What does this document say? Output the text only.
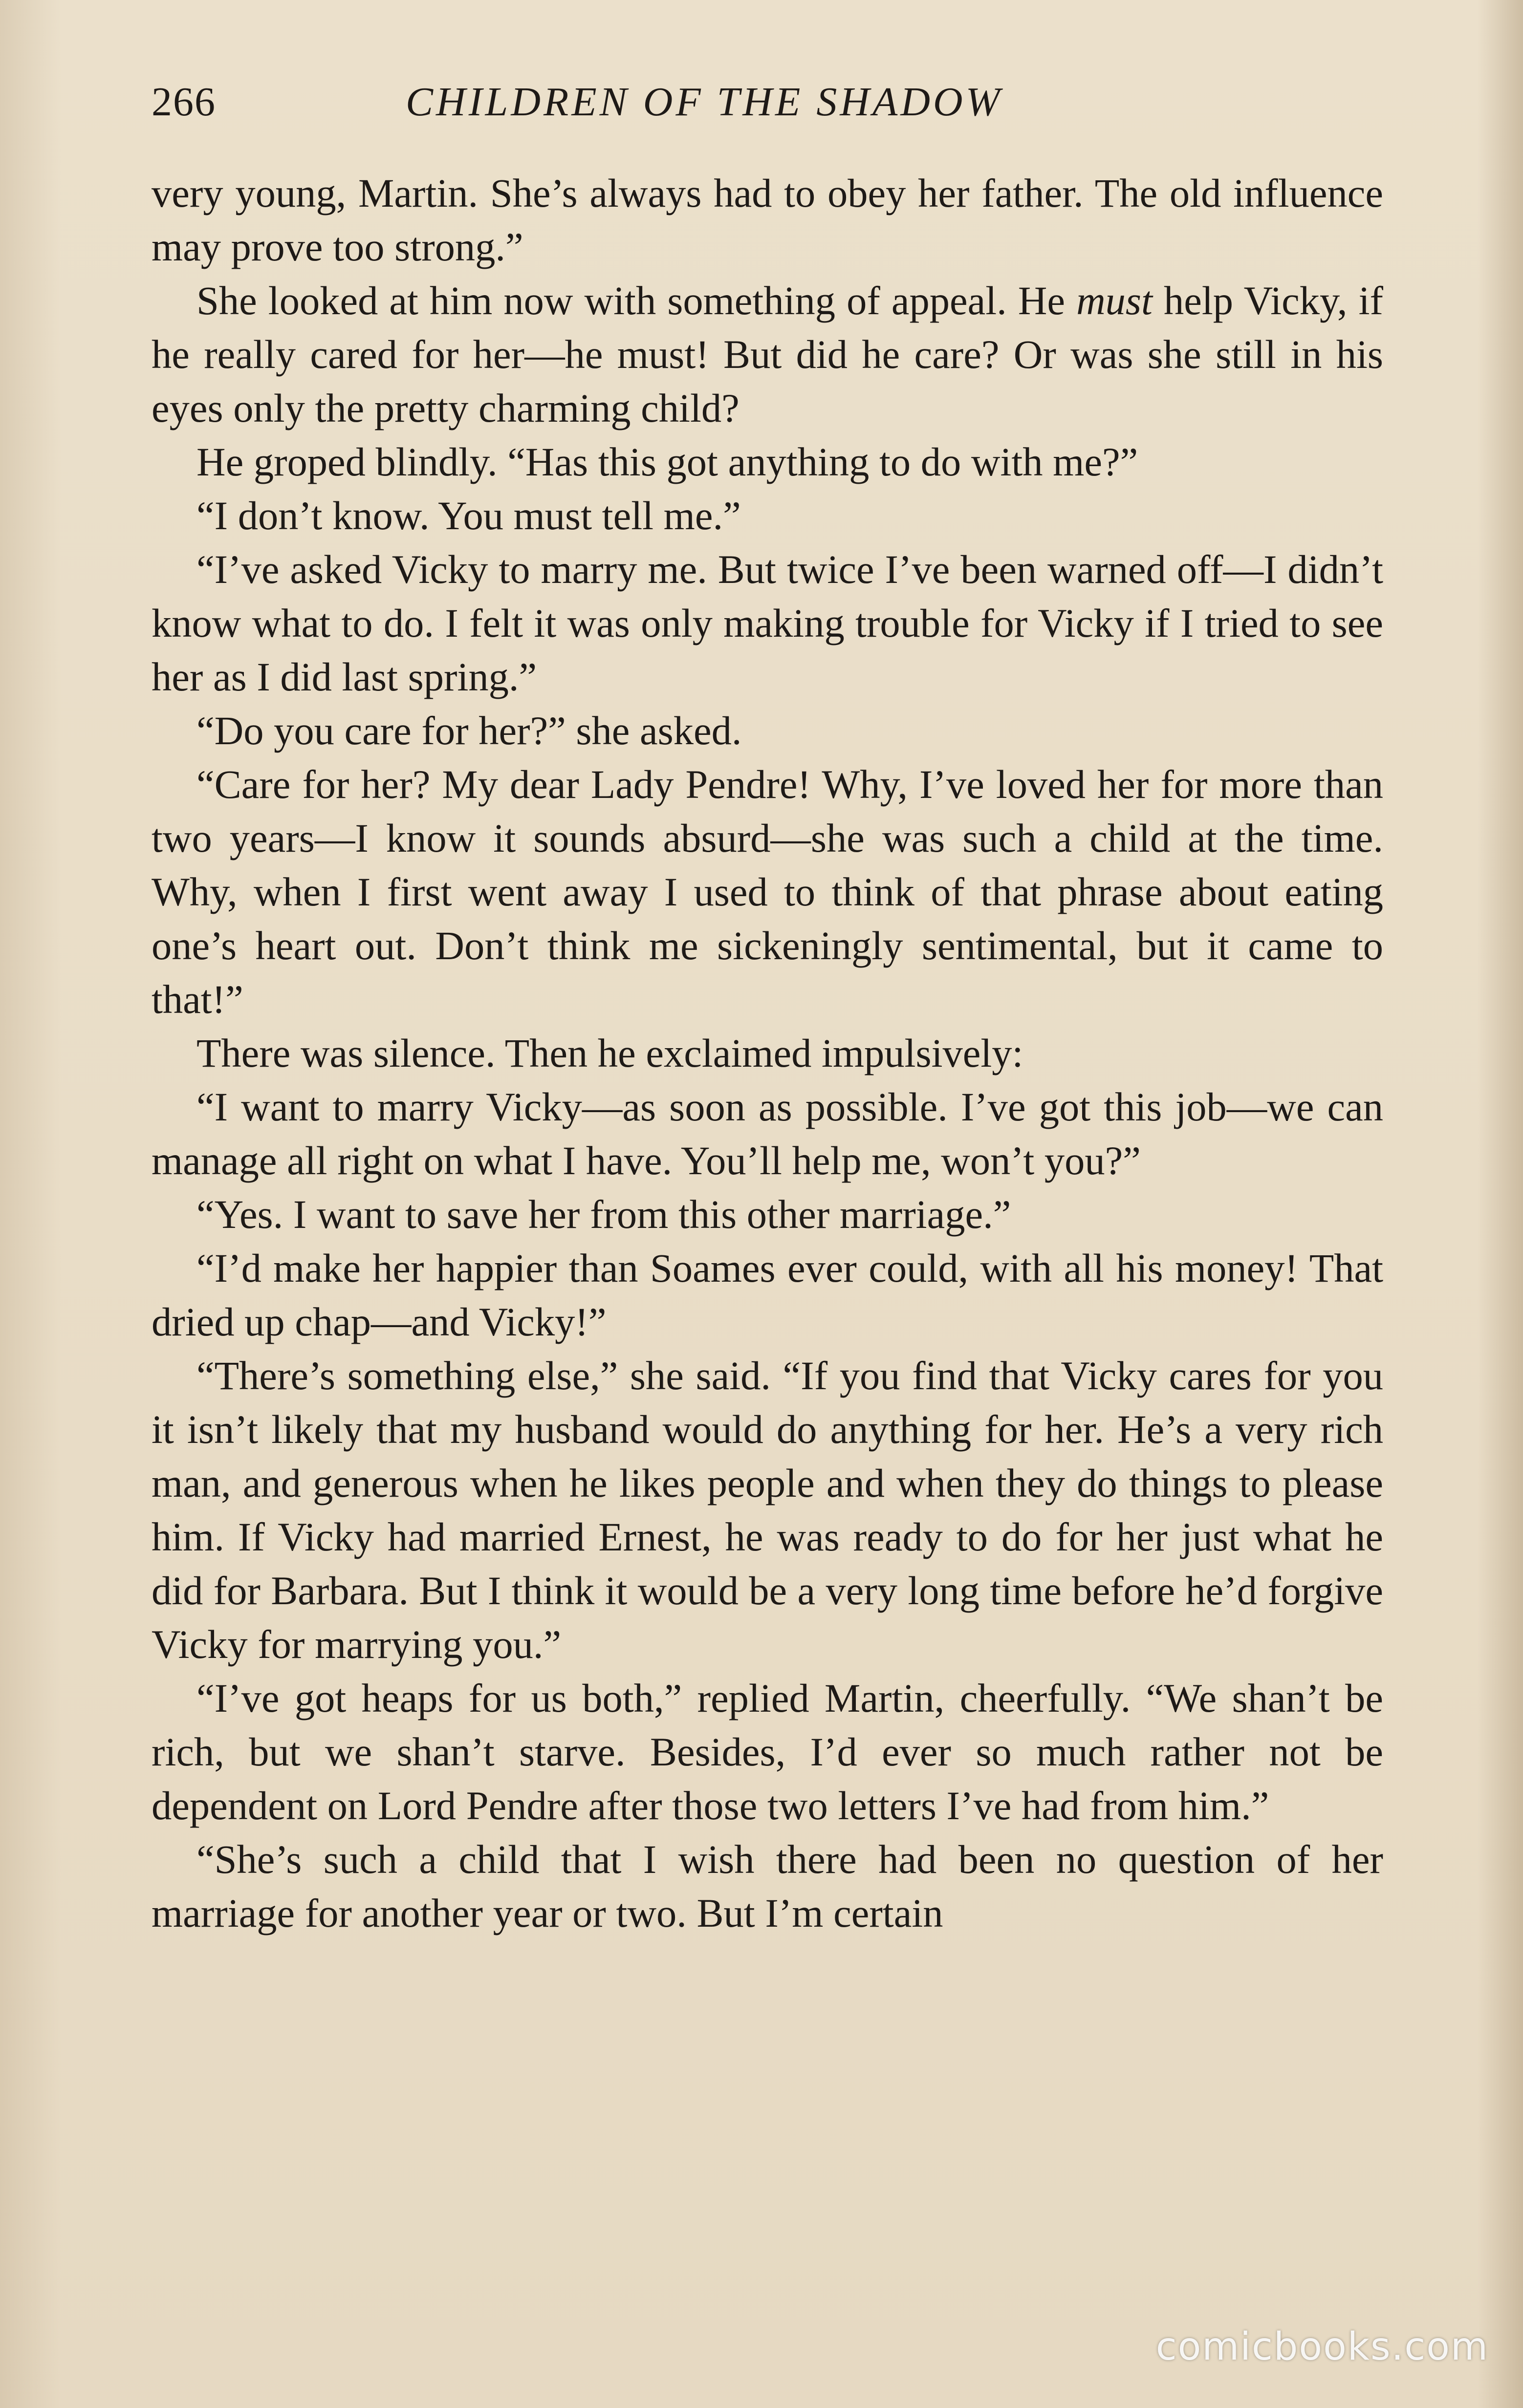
266	CHILDREN OF THE SHADOW

very young, Martin. She’s always had to obey her father. The old influence may prove too strong.”

She looked at him now with something of appeal. He must help Vicky, if he really cared for her—he must! But did he care? Or was she still in his eyes only the pretty charming child?

He groped blindly. “Has this got anything to do with me?”

“I don’t know. You must tell me.”

“I’ve asked Vicky to marry me. But twice I’ve been warned off—I didn’t know what to do. I felt it was only making trouble for Vicky if I tried to see her as I did last spring.”

“Do you care for her?” she asked.

“Care for her? My dear Lady Pendre! Why, I’ve loved her for more than two years—I know it sounds absurd—she was such a child at the time. Why, when I first went away I used to think of that phrase about eating one’s heart out. Don’t think me sickeningly sentimental, but it came to that!”

There was silence. Then he exclaimed impulsively:

“I want to marry Vicky—as soon as possible. I’ve got this job—we can manage all right on what I have. You’ll help me, won’t you?”

“Yes. I want to save her from this other marriage.”

“I’d make her happier than Soames ever could, with all his money! That dried up chap—and Vicky!”

“There’s something else,” she said. “If you find that Vicky cares for you it isn’t likely that my husband would do anything for her. He’s a very rich man, and generous when he likes people and when they do things to please him. If Vicky had married Ernest, he was ready to do for her just what he did for Barbara. But I think it would be a very long time before he’d forgive Vicky for marrying you.”

“I’ve got heaps for us both,” replied Martin, cheerfully. “We shan’t be rich, but we shan’t starve. Besides, I’d ever so much rather not be dependent on Lord Pendre after those two letters I’ve had from him.”

“She’s such a child that I wish there had been no question of her marriage for another year or two. But I’m certain

comicbooks.com
